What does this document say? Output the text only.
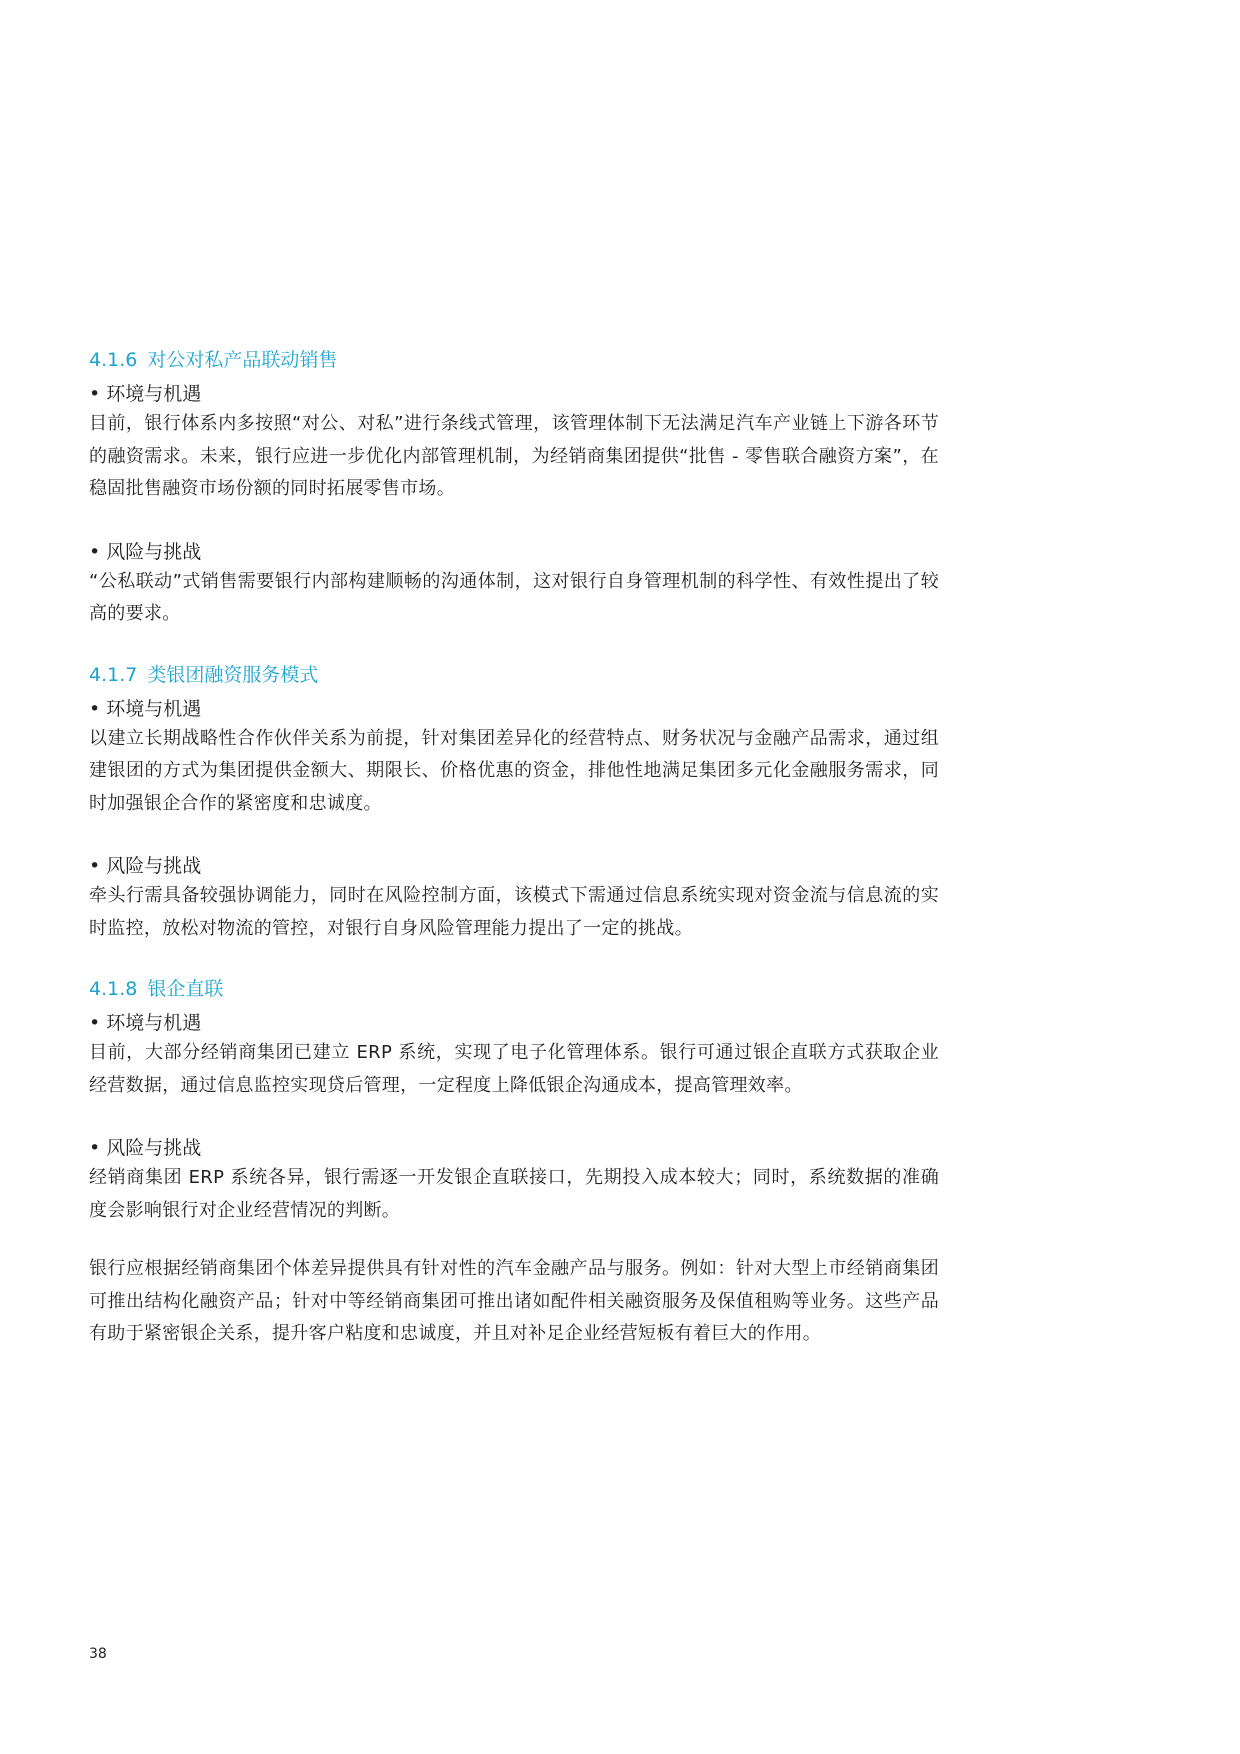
4.1.6 对公对私产品联动销售

• 环境与机遇

目前，银行体系内多按照“对公、对私”进行条线式管理，该管理体制下无法满足汽车产业链上下游各环节的融资需求。未来，银行应进一步优化内部管理机制，为经销商集团提供“批售 - 零售联合融资方案”，在稳固批售融资市场份额的同时拓展零售市场。

• 风险与挑战

“公私联动”式销售需要银行内部构建顺畅的沟通体制，这对银行自身管理机制的科学性、有效性提出了较高的要求。

4.1.7 类银团融资服务模式

• 环境与机遇

以建立长期战略性合作伙伴关系为前提，针对集团差异化的经营特点、财务状况与金融产品需求，通过组建银团的方式为集团提供金额大、期限长、价格优惠的资金，排他性地满足集团多元化金融服务需求，同时加强银企合作的紧密度和忠诚度。

• 风险与挑战

牵头行需具备较强协调能力，同时在风险控制方面，该模式下需通过信息系统实现对资金流与信息流的实时监控，放松对物流的管控，对银行自身风险管理能力提出了一定的挑战。

4.1.8 银企直联

• 环境与机遇

目前，大部分经销商集团已建立 ERP 系统，实现了电子化管理体系。银行可通过银企直联方式获取企业经营数据，通过信息监控实现贷后管理，一定程度上降低银企沟通成本，提高管理效率。

• 风险与挑战

经销商集团 ERP 系统各异，银行需逐一开发银企直联接口，先期投入成本较大；同时，系统数据的准确度会影响银行对企业经营情况的判断。

银行应根据经销商集团个体差异提供具有针对性的汽车金融产品与服务。例如：针对大型上市经销商集团可推出结构化融资产品；针对中等经销商集团可推出诸如配件相关融资服务及保值租购等业务。这些产品有助于紧密银企关系，提升客户粘度和忠诚度，并且对补足企业经营短板有着巨大的作用。

38
